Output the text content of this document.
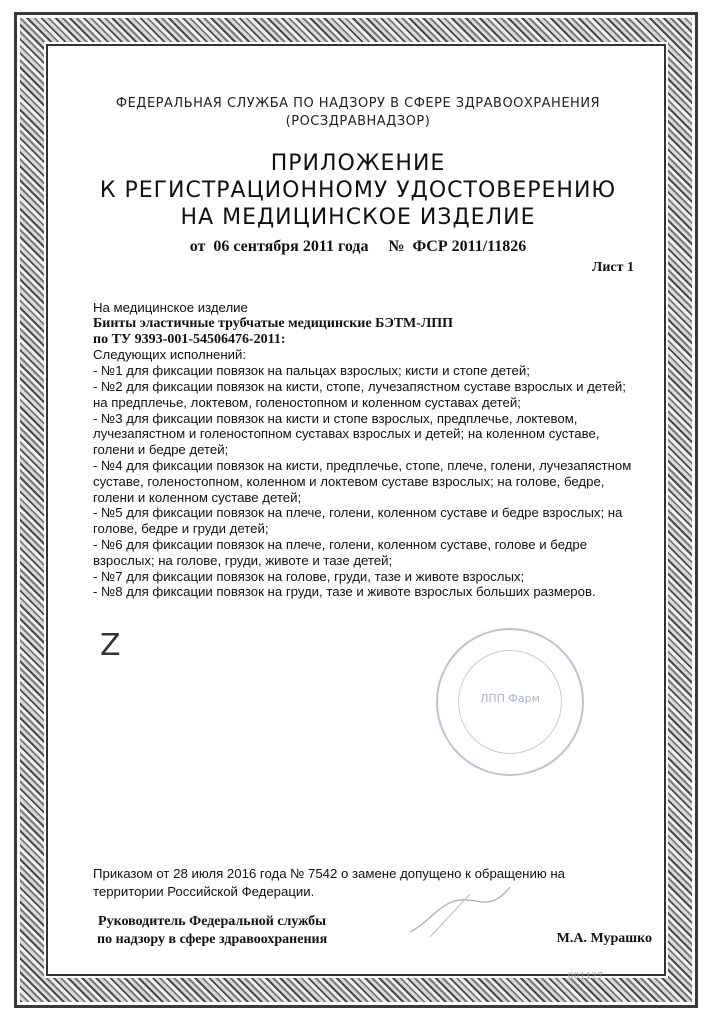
ФЕДЕРАЛЬНАЯ СЛУЖБА ПО НАДЗОРУ В СФЕРЕ ЗДРАВООХРАНЕНИЯ
(РОСЗДРАВНАДЗОР)
ПРИЛОЖЕНИЕ
К РЕГИСТРАЦИОННОМУ УДОСТОВЕРЕНИЮ
НА МЕДИЦИНСКОЕ ИЗДЕЛИЕ
от  06 сентября 2011 года     №  ФСР 2011/11826
Лист 1
На медицинское изделие
Бинты эластичные трубчатые медицинские БЭТМ-ЛПП
по ТУ 9393-001-54506476-2011:
Следующих исполнений:
- №1 для фиксации повязок на пальцах взрослых; кисти и стопе детей;
- №2 для фиксации повязок на кисти, стопе, лучезапястном суставе взрослых и детей;
на предплечье, локтевом, голеностопном и коленном суставах детей;
- №3 для фиксации повязок на кисти и стопе взрослых, предплечье, локтевом,
лучезапястном и голеностопном суставах взрослых и детей; на коленном суставе,
голени и бедре детей;
- №4 для фиксации повязок на кисти, предплечье, стопе, плече, голени, лучезапястном
суставе, голеностопном, коленном и локтевом суставе взрослых; на голове, бедре,
голени и коленном суставе детей;
- №5 для фиксации повязок на плече, голени, коленном суставе и бедре взрослых; на
голове, бедре и груди детей;
- №6 для фиксации повязок на плече, голени, коленном суставе, голове и бедре
взрослых; на голове, груди, животе и тазе детей;
- №7 для фиксации повязок на голове, груди, тазе и животе взрослых;
- №8 для фиксации повязок на груди, тазе и животе взрослых больших размеров.
Z
ЛПП Фарм
Приказом от 28 июля 2016 года № 7542 о замене допущено к обращению на
территории Российской Федерации.
Руководитель Федеральной службы
по надзору в сфере здравоохранения	М.А. Мурашко
001127
